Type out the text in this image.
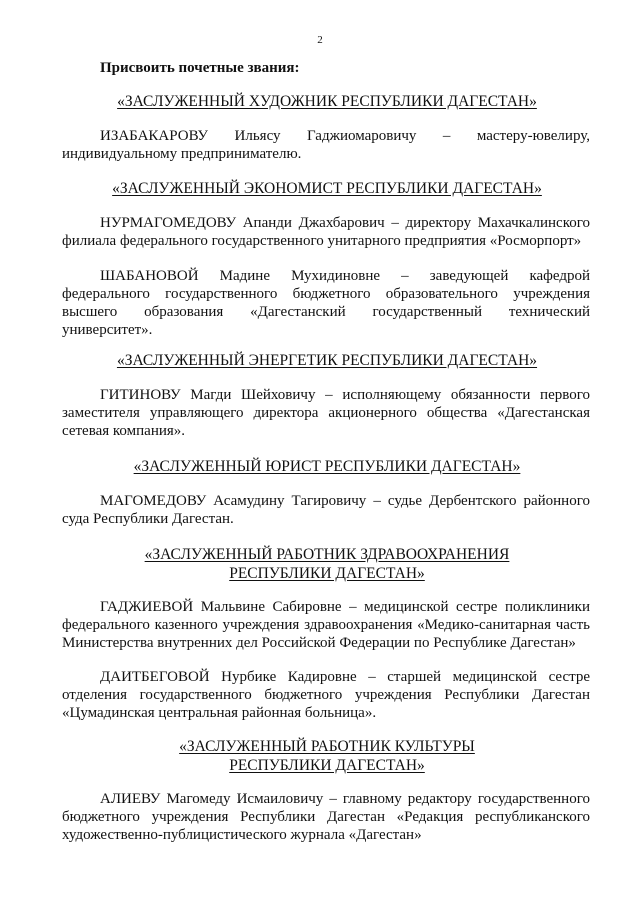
2
Присвоить почетные звания:
«ЗАСЛУЖЕННЫЙ ХУДОЖНИК РЕСПУБЛИКИ ДАГЕСТАН»

ИЗАБАКАРОВУ Ильясу Гаджиомаровичу – мастеру-ювелиру, индивидуальному предпринимателю.

«ЗАСЛУЖЕННЫЙ ЭКОНОМИСТ РЕСПУБЛИКИ ДАГЕСТАН»

НУРМАГОМЕДОВУ Апанди Джахбарович – директору Махачкалинского филиала федерального государственного унитарного предприятия «Росморпорт»

ШАБАНОВОЙ Мадине Мухидиновне – заведующей кафедрой федерального государственного бюджетного образовательного учреждения высшего образования «Дагестанский государственный технический университет».

«ЗАСЛУЖЕННЫЙ ЭНЕРГЕТИК РЕСПУБЛИКИ ДАГЕСТАН»

ГИТИНОВУ Магди Шейховичу – исполняющему обязанности первого заместителя управляющего директора акционерного общества «Дагестанская сетевая компания».

«ЗАСЛУЖЕННЫЙ ЮРИСТ РЕСПУБЛИКИ ДАГЕСТАН»

МАГОМЕДОВУ Асамудину Тагировичу – судье Дербентского районного суда Республики Дагестан.

«ЗАСЛУЖЕННЫЙ РАБОТНИК ЗДРАВООХРАНЕНИЯ
РЕСПУБЛИКИ ДАГЕСТАН»

ГАДЖИЕВОЙ Мальвине Сабировне – медицинской сестре поликлиники федерального казенного учреждения здравоохранения «Медико-санитарная часть Министерства внутренних дел Российской Федерации по Республике Дагестан»

ДАИТБЕГОВОЙ Нурбике Кадировне – старшей медицинской сестре отделения государственного бюджетного учреждения Республики Дагестан «Цумадинская центральная районная больница».

«ЗАСЛУЖЕННЫЙ РАБОТНИК КУЛЬТУРЫ
РЕСПУБЛИКИ ДАГЕСТАН»

АЛИЕВУ Магомеду Исмаиловичу – главному редактору государственного бюджетного учреждения Республики Дагестан «Редакция республиканского художественно-публицистического журнала «Дагестан»
